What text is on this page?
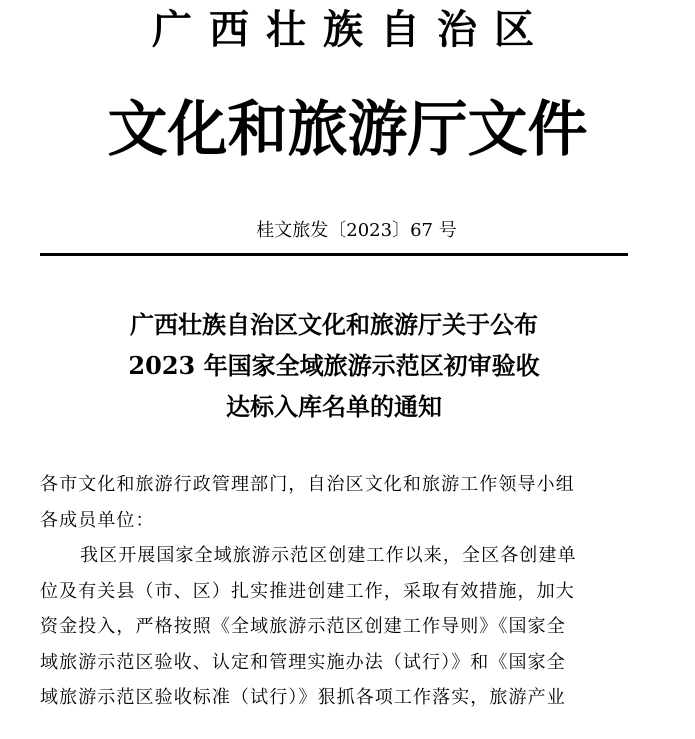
广西壮族自治区
文化和旅游厅文件
桂文旅发〔2023〕67 号
广西壮族自治区文化和旅游厅关于公布
2023 年国家全域旅游示范区初审验收
达标入库名单的通知
各市文化和旅游行政管理部门，自治区文化和旅游工作领导小组
各成员单位：
我区开展国家全域旅游示范区创建工作以来，全区各创建单
位及有关县（市、区）扎实推进创建工作，采取有效措施，加大
资金投入，严格按照《全域旅游示范区创建工作导则》《国家全
域旅游示范区验收、认定和管理实施办法（试行）》和《国家全
域旅游示范区验收标准（试行）》狠抓各项工作落实，旅游产业
